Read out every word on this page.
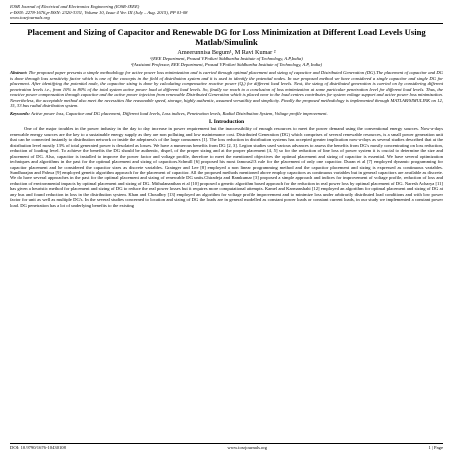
IOSR Journal of Electrical and Electronics Engineering (IOSR-JEEE)
e-ISSN: 2278-1676,p-ISSN: 2320-3331, Volume 10, Issue 4 Ver. III (July – Aug. 2015), PP 01-08
www.iosrjournals.org
Placement and Sizing of Capacitor and Renewable DG for Loss Minimization at Different Load Levels Using Matlab/Simulink
Ameerunnisa Begum¹, M Ravi Kumar ²
¹(EEE Department, Prasad V.Potluri Siddhartha Institute of Technology, A.P,India)
²(Assistant Professor, EEE Department, Prasad V.Potluri Siddhartha Institute of Technology, A.P, India)
Abstract: The proposed paper presents a simple methodology for active power loss minimization and is carried through optimal placement and sizing of capacitor and Distributed Generation (DG).The placement of capacitor and DG is done through loss sensitivity factor which is one of the concepts in the field of distribution system and it is used to identify the potential nodes. In our proposed method we have considered a single capacitor and single DG for placement. After identifying the potential node, the capacitor sizing is done by calculating compensative reactive power (Qₑ) for different load levels. Next, the sizing of distributed generation is carried on by considering different penetration levels i.e., from 10% to 80% of the total system active power load at different load levels. So, finally we reach to a conclusion of loss minimization at some particular penetration level for different load levels. Thus, the reactive power compensation through capacitor and the active power injection from renewable Distributed Generation which is placed near to the load centres contributes for system voltage support and active power loss minimization. Nevertheless, the acceptable method also meet the necessities like reasonable speed, storage, highly authentic, assumed versatility and simplicity. Finally the proposed methodology is implemented through MATLAB/SIMULINK on 12, 15, 33 bus radial distribution system.
Keywords: Active power loss, Capacitor and DG placement, Different load levels, Loss indices, Penetration levels, Radial Distribution System, Voltage profile improvement.
I. Introduction
One of the major troubles in the power industry in the day to day increase in power requirement but the inaccessibility of enough resources to meet the power demand using the conventional energy sources. Now-a-days renewable energy sources are the key to a sustainable energy supply as they are non polluting and low maintenance cost. Distributed Generation (DG) which comprises of several renewable resources, is a small power generation unit that can be connected instantly to distribution network or inside the adeptness's of the large consumers [1]. The loss reduction in distribution systems has accepted greater implication now-a-days as several studies described that at the distribution level mostly 13% of total generated power is desolated as losses. We have a numerous benefits from DG [2, 3]. Legion studies used various advances to assess the benefits from DG's mostly concentrating on loss reduction, reduction of loading level. To achieve the benefits the DG should be authentic, dispel, of the proper sizing and at the proper placement [4, 5] so for the reduction of line loss of power system it is crucial to determine the size and placement of DG. Also, capacitor is installed to improve the power factor and voltage profile, therefore to meet the mentioned objectives the optimal placement and sizing of capacitor is essential. We have several optimization techniques and algorithms in the past for the optimal placement and sizing of capacitors.Schmill [6] proposed his most famous2/3 rule for the placement of only one capacitor. Duran et al [7] employed dynamic programming for capacitor placement and he considered the capacitor sizes as discrete variables. Grainger and Lee [8] employed a non linear programming method and the capacitor placement and sizing is expressed as continuous variables. Sundharajan and Pahwa [9] employed genetic algorithm approach for the placement of capacitor. All the proposed methods mentioned above employ capacitors as continuous variables but in general capacitors are available as discrete. We do have several approaches in the past for the optimal placement and sizing of renewable DG units.Chiradeja and Ramkumar [3] proposed a simple approach and indices for improvement of voltage profile, reduction of loss and reduction of environmental impacts by optimal placement and sizing of DG. Mithulananthan et al [10] proposed a genetic algorithm based approach for the reduction in real power loss by optimal placement of DG. Naresh Acharya [11] has given a heuristic method for placement and sizing of DG to reduce the real power losses but it requires more computational attempts. Kamel and Karmanshahi [12] employed an algorithm for optimal placement and sizing of DG at any bus and found reduction in loss in the distribution system. Khan and Choudhry [13] employed an algorithm for voltage profile improvement and to minimize loss under arbitrarily distributed load conditions and with low power factor for unit as well as multiple DG's. In the several studies concerned to location and sizing of DG the loads are in general modelled as constant power loads or constant current loads, in our study we implemented a constant power load. DG penetration has a lot of underlying benefits to the existing
DOI: 10.9790/1676-10430108	www.iosrjournals.org	1 | Page
